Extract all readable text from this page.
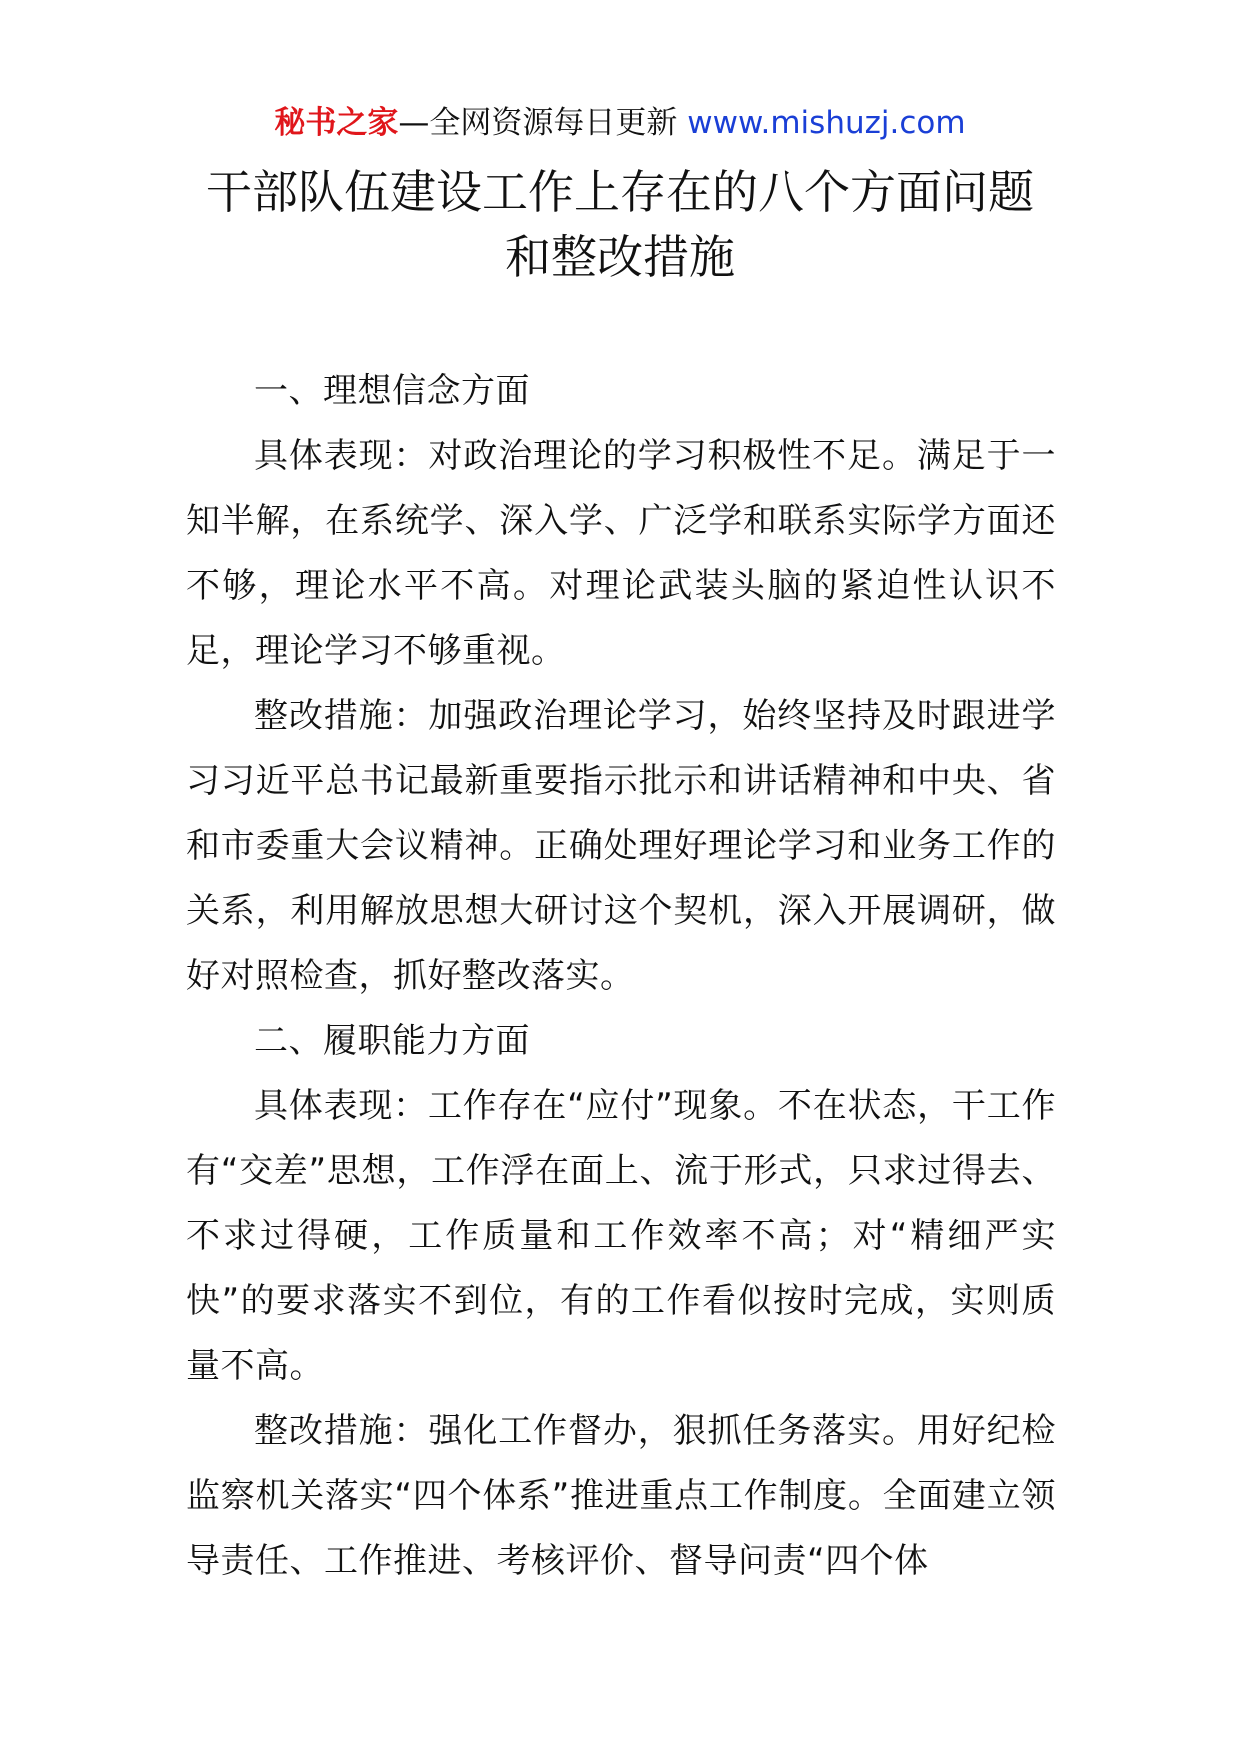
秘书之家—全网资源每日更新 www.mishuzj.com
干部队伍建设工作上存在的八个方面问题
和整改措施

一、理想信念方面

具体表现：对政治理论的学习积极性不足。满足于一知半解，在系统学、深入学、广泛学和联系实际学方面还不够，理论水平不高。对理论武装头脑的紧迫性认识不足，理论学习不够重视。

整改措施：加强政治理论学习，始终坚持及时跟进学习习近平总书记最新重要指示批示和讲话精神和中央、省和市委重大会议精神。正确处理好理论学习和业务工作的关系，利用解放思想大研讨这个契机，深入开展调研，做好对照检查，抓好整改落实。

二、履职能力方面

具体表现：工作存在“应付”现象。不在状态，干工作有“交差”思想，工作浮在面上、流于形式，只求过得去、不求过得硬，工作质量和工作效率不高；对“精细严实快”的要求落实不到位，有的工作看似按时完成，实则质量不高。

整改措施：强化工作督办，狠抓任务落实。用好纪检监察机关落实“四个体系”推进重点工作制度。全面建立领导责任、工作推进、考核评价、督导问责“四个体
